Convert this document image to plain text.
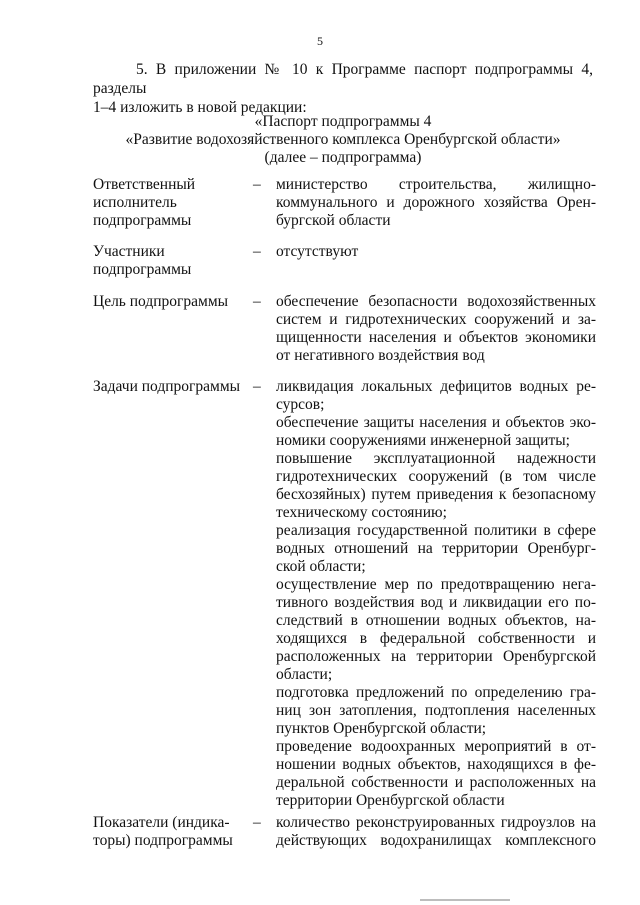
5
5. В приложении № 10 к Программе паспорт подпрограммы 4, разделы
1–4 изложить в новой редакции:
«Паспорт подпрограммы 4
«Развитие водохозяйственного комплекса Оренбургской области»
(далее – подпрограмма)
Ответственный
исполнитель
подпрограммы
– министерство строительства, жилищно-
коммунального и дорожного хозяйства Орен-
бургской области
Участники
подпрограммы
– отсутствуют
Цель подпрограммы	– обеспечение безопасности водохозяйственных
систем и гидротехнических сооружений и за-
щищенности населения и объектов экономики
от негативного воздействия вод
Задачи подпрограммы – ликвидация локальных дефицитов водных ре-
сурсов;
обеспечение защиты населения и объектов эко-
номики сооружениями инженерной защиты;
повышение эксплуатационной надежности
гидротехнических сооружений (в том числе
бесхозяйных) путем приведения к безопасному
техническому состоянию;
реализация государственной политики в сфере
водных отношений на территории Оренбург-
ской области;
осуществление мер по предотвращению нега-
тивного воздействия вод и ликвидации его по-
следствий в отношении водных объектов, на-
ходящихся в федеральной собственности и
расположенных на территории Оренбургской
области;
подготовка предложений по определению гра-
ниц зон затопления, подтопления населенных
пунктов Оренбургской области;
проведение водоохранных мероприятий в от-
ношении водных объектов, находящихся в фе-
деральной собственности и расположенных на
территории Оренбургской области
Показатели (индика-
торы) подпрограммы
– количество реконструированных гидроузлов на
действующих водохранилищах комплексного
